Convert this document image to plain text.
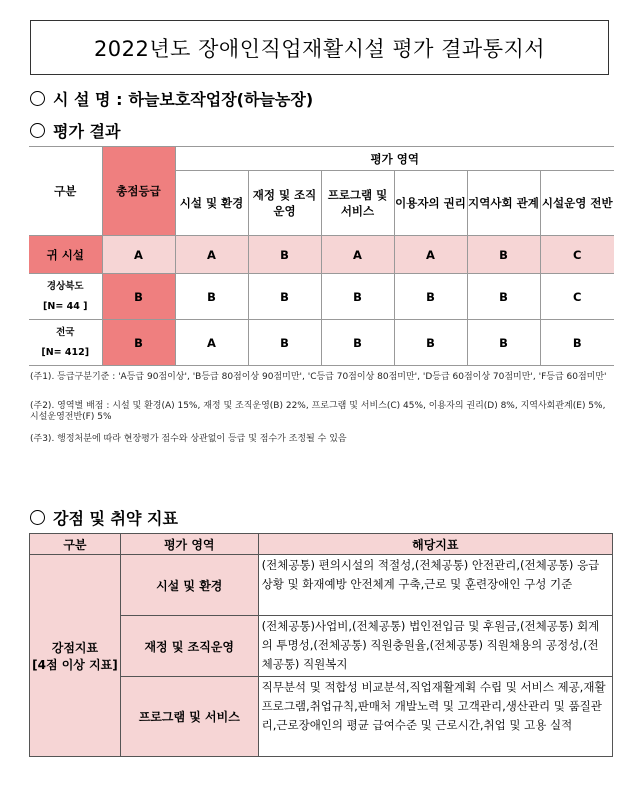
2022년도 장애인직업재활시설 평가 결과통지서
시 설 명 : 하늘보호작업장(하늘농장)
평가 결과
구분	총점등급	평가 영역					
		시설 및 환경	재정 및 조직운영	프로그램 및 서비스	이용자의 권리	지역사회 관계	시설운영 전반
귀 시설	A	A	B	A	A	B	C

경상북도
[N= 44 ]	B	B	B	B	B	B	C

전국
[N= 412]	B	A	B	B	B	B	B
(주1). 등급구분기준 : 'A등급 90점이상', 'B등급 80점이상 90점미만', 'C등급 70점이상 80점미만', 'D등급 60점이상 70점미만', 'F등급 60점미만'
(주2). 영역별 배점 : 시설 및 환경(A) 15%, 재정 및 조직운영(B) 22%, 프로그램 및 서비스(C) 45%, 이용자의 권리(D) 8%, 지역사회관계(E) 5%, 시설운영전반(F) 5%
(주3). 행정처분에 따라 현장평가 점수와 상관없이 등급 및 점수가 조정될 수 있음
강점 및 취약 지표
구분	평가 영역	해당지표
강점지표
[4점 이상 지표]	시설 및 환경	(전체공통) 편의시설의 적절성,(전체공통) 안전관리,(전체공통) 응급상황 및 화재예방 안전체계 구축,근로 및 훈련장애인 구성 기준
	재정 및 조직운영	(전체공통)사업비,(전체공통) 법인전입금 및 후원금,(전체공통) 회계의 투명성,(전체공통) 직원충원율,(전체공통) 직원채용의 공정성,(전체공통) 직원복지
	프로그램 및 서비스	직무분석 및 적합성 비교분석,직업재활계획 수립 및 서비스 제공,재활프로그램,취업규칙,판매처 개발노력 및 고객관리,생산관리 및 품질관리,근로장애인의 평균 급여수준 및 근로시간,취업 및 고용 실적
